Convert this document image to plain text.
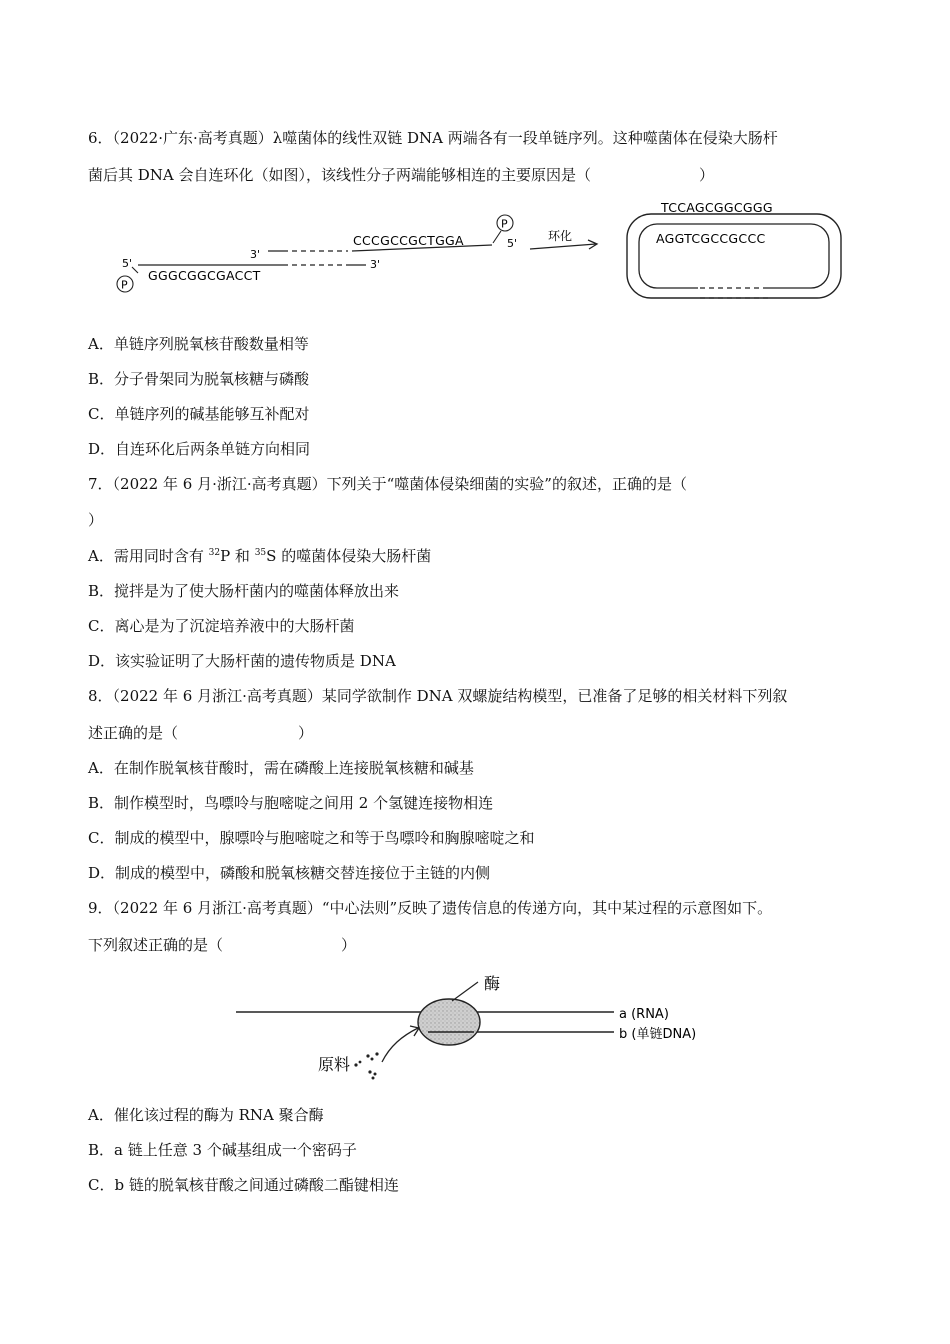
6．（2022·广东·高考真题）λ噬菌体的线性双链 DNA 两端各有一段单链序列。这种噬菌体在侵染大肠杆
菌后其 DNA 会自连环化（如图），该线性分子两端能够相连的主要原因是（	）
3'
CCCGCCGCTGGA
P
5'
5'	3'
GGGCGGCGACCT
P
环化
TCCAGCGGCGGG
AGGTCGCCGCCC
A．单链序列脱氧核苷酸数量相等
B．分子骨架同为脱氧核糖与磷酸
C．单链序列的碱基能够互补配对
D．自连环化后两条单链方向相同
7．（2022 年 6 月·浙江·高考真题）下列关于“噬菌体侵染细菌的实验”的叙述，正确的是（
）
A．需用同时含有 $^{32}$P 和 $^{35}$S 的噬菌体侵染大肠杆菌
B．搅拌是为了使大肠杆菌内的噬菌体释放出来
C．离心是为了沉淀培养液中的大肠杆菌
D．该实验证明了大肠杆菌的遗传物质是 DNA
8．（2022 年 6 月浙江·高考真题）某同学欲制作 DNA 双螺旋结构模型，已准备了足够的相关材料下列叙
述正确的是（	）
A．在制作脱氧核苷酸时，需在磷酸上连接脱氧核糖和碱基
B．制作模型时，鸟嘌呤与胞嘧啶之间用 2 个氢键连接物相连
C．制成的模型中，腺嘌呤与胞嘧啶之和等于鸟嘌呤和胸腺嘧啶之和
D．制成的模型中，磷酸和脱氧核糖交替连接位于主链的内侧
9．（2022 年 6 月浙江·高考真题）“中心法则”反映了遗传信息的传递方向，其中某过程的示意图如下。
下列叙述正确的是（	）
酶
a (RNA)
b (单链DNA)
原料
A．催化该过程的酶为 RNA 聚合酶
B．a 链上任意 3 个碱基组成一个密码子
C．b 链的脱氧核苷酸之间通过磷酸二酯键相连
